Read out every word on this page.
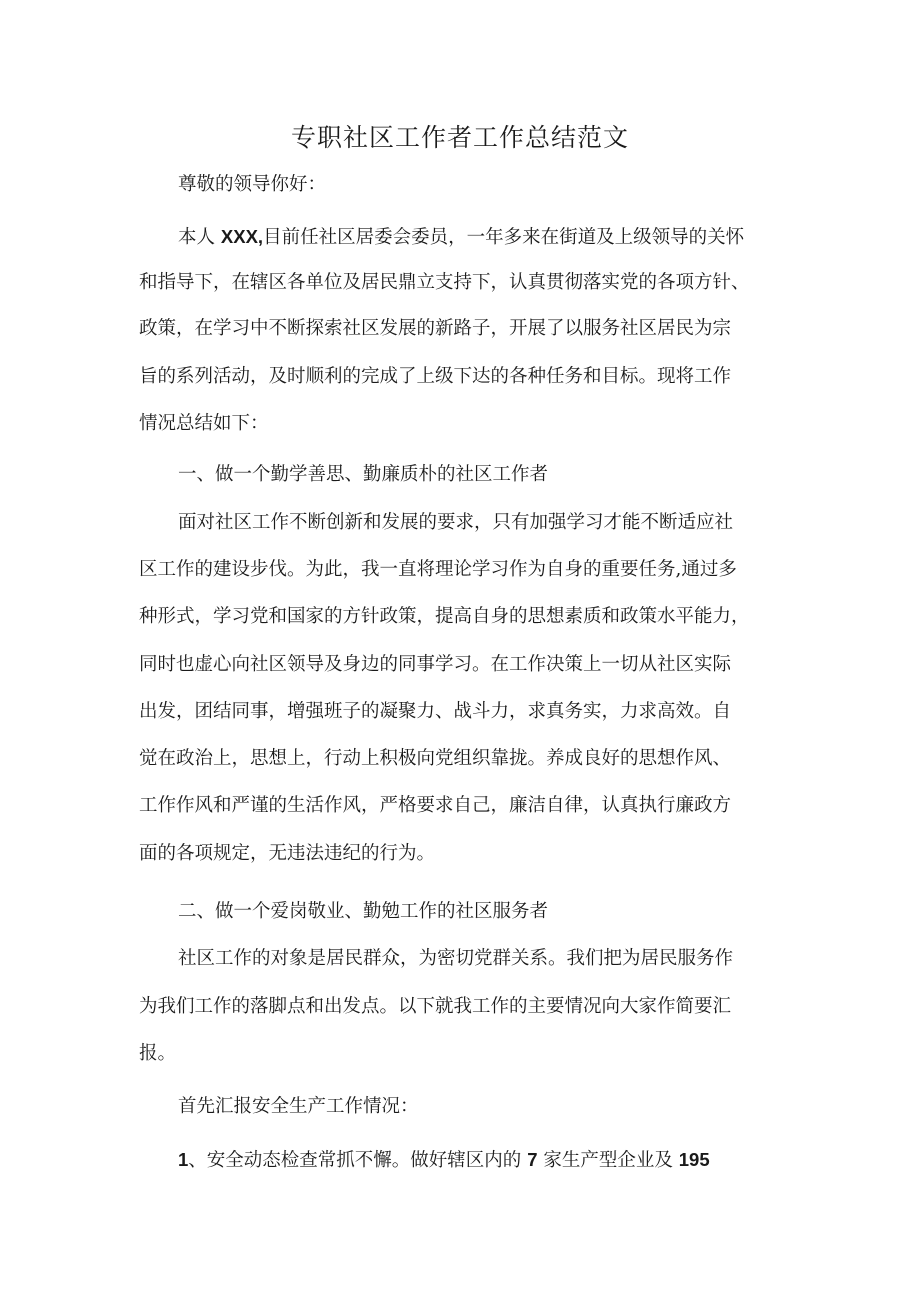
专职社区工作者工作总结范文

尊敬的领导你好：

本人 XXX,目前任社区居委会委员，一年多来在街道及上级领导的关怀

和指导下，在辖区各单位及居民鼎立支持下，认真贯彻落实党的各项方针、

政策，在学习中不断探索社区发展的新路子，开展了以服务社区居民为宗

旨的系列活动，及时顺利的完成了上级下达的各种任务和目标。现将工作

情况总结如下：

一、做一个勤学善思、勤廉质朴的社区工作者

面对社区工作不断创新和发展的要求，只有加强学习才能不断适应社

区工作的建设步伐。为此，我一直将理论学习作为自身的重要任务,通过多

种形式，学习党和国家的方针政策，提高自身的思想素质和政策水平能力，

同时也虚心向社区领导及身边的同事学习。在工作决策上一切从社区实际

出发，团结同事，增强班子的凝聚力、战斗力，求真务实，力求高效。自

觉在政治上，思想上，行动上积极向党组织靠拢。养成良好的思想作风、

工作作风和严谨的生活作风，严格要求自己，廉洁自律，认真执行廉政方

面的各项规定，无违法违纪的行为。

二、做一个爱岗敬业、勤勉工作的社区服务者

社区工作的对象是居民群众，为密切党群关系。我们把为居民服务作

为我们工作的落脚点和出发点。以下就我工作的主要情况向大家作简要汇

报。

首先汇报安全生产工作情况：

1、安全动态检查常抓不懈。做好辖区内的 7 家生产型企业及 195
